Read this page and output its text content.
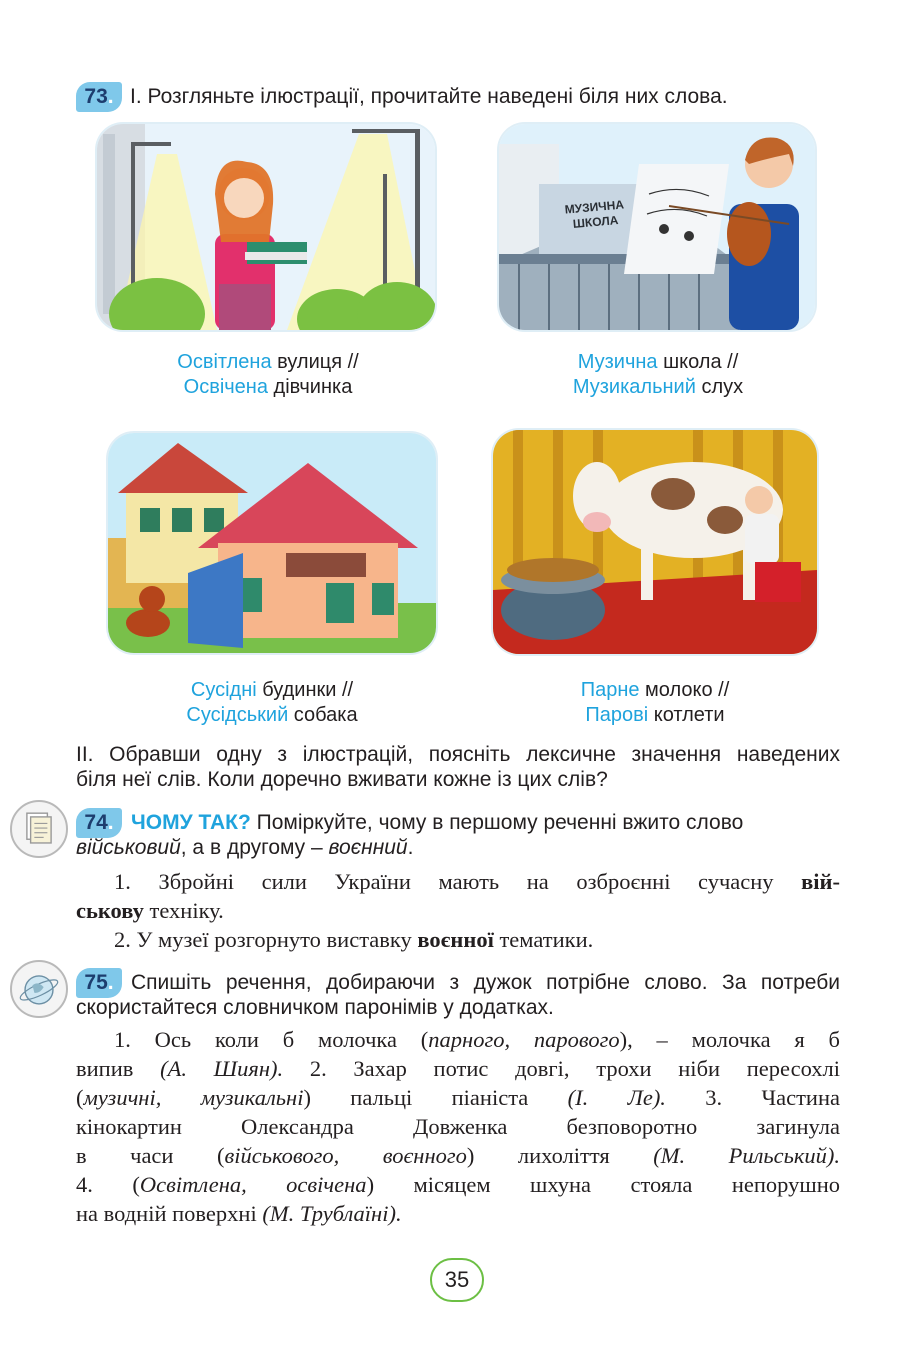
73. I. Розгляньте ілюстрації, прочитайте наведені біля них слова.
МУЗИЧНА ШКОЛА
Освітлена вулиця //
Освічена дівчинка
Музична школа //
Музикальний слух
Сусідні будинки //
Сусідський собака
Парне молоко //
Парові котлети
II. Обравши одну з ілюстрацій, поясніть лексичне значення наведених
біля неї слів. Коли доречно вживати кожне із цих слів?
74. ЧОМУ ТАК? Поміркуйте, чому в першому реченні вжито слово
військовий, а в другому – воєнний.
1. Збройні сили України мають на озброєнні сучасну вій-
ськову техніку.
2. У музеї розгорнуто виставку воєнної тематики.
75. Спишіть речення, добираючи з дужок потрібне слово. За потреби
скористайтеся словничком паронімів у додатках.
1. Ось коли б молочка (парного, парового), – молочка я б
випив (А. Шиян). 2. Захар потис довгі, трохи ніби пересохлі
(музичні, музикальні) пальці піаніста (І. Ле). 3. Частина
кінокартин Олександра Довженка безповоротно загинула
в часи (військового, воєнного) лихоліття (М. Рильський).
4. (Освітлена, освічена) місяцем шхуна стояла непорушно
на водній поверхні (М. Трублаїні).
35
